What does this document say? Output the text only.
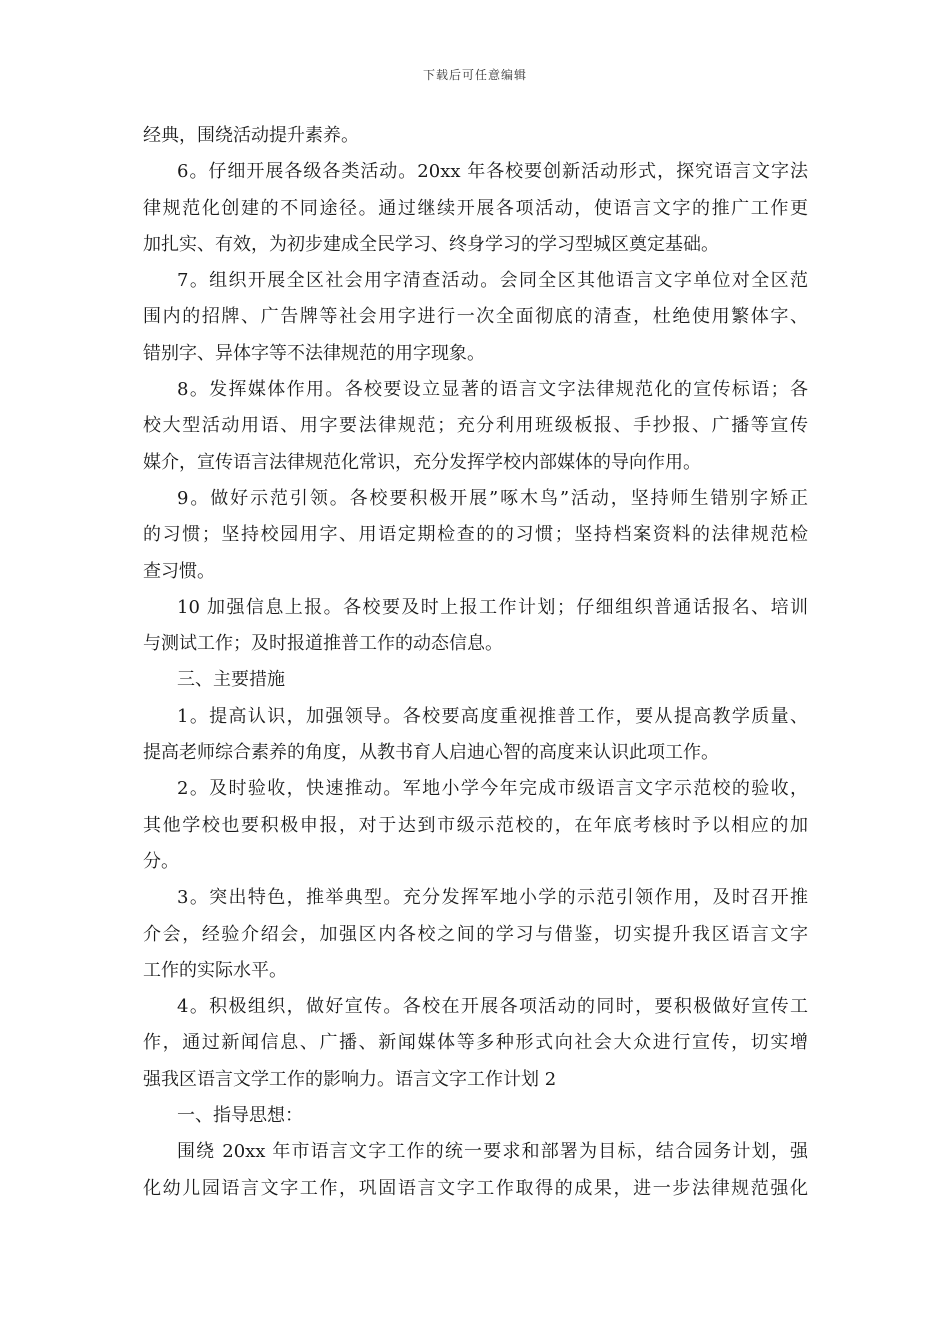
下载后可任意编辑
经典，围绕活动提升素养。
6。仔细开展各级各类活动。20xx 年各校要创新活动形式，探究语言文字法
律规范化创建的不同途径。通过继续开展各项活动，使语言文字的推广工作更
加扎实、有效，为初步建成全民学习、终身学习的学习型城区奠定基础。
7。组织开展全区社会用字清查活动。会同全区其他语言文字单位对全区范
围内的招牌、广告牌等社会用字进行一次全面彻底的清查，杜绝使用繁体字、
错别字、异体字等不法律规范的用字现象。
8。发挥媒体作用。各校要设立显著的语言文字法律规范化的宣传标语；各
校大型活动用语、用字要法律规范；充分利用班级板报、手抄报、广播等宣传
媒介，宣传语言法律规范化常识，充分发挥学校内部媒体的导向作用。
9。做好示范引领。各校要积极开展”啄木鸟”活动，坚持师生错别字矫正
的习惯；坚持校园用字、用语定期检查的的习惯；坚持档案资料的法律规范检
查习惯。
10 加强信息上报。各校要及时上报工作计划；仔细组织普通话报名、培训
与测试工作；及时报道推普工作的动态信息。
三、主要措施
1。提高认识，加强领导。各校要高度重视推普工作，要从提高教学质量、
提高老师综合素养的角度，从教书育人启迪心智的高度来认识此项工作。
2。及时验收，快速推动。军地小学今年完成市级语言文字示范校的验收，
其他学校也要积极申报，对于达到市级示范校的，在年底考核时予以相应的加
分。
3。突出特色，推举典型。充分发挥军地小学的示范引领作用，及时召开推
介会，经验介绍会，加强区内各校之间的学习与借鉴，切实提升我区语言文字
工作的实际水平。
4。积极组织，做好宣传。各校在开展各项活动的同时，要积极做好宣传工
作，通过新闻信息、广播、新闻媒体等多种形式向社会大众进行宣传，切实增
强我区语言文学工作的影响力。语言文字工作计划 2
一、指导思想：
围绕 20xx 年市语言文字工作的统一要求和部署为目标，结合园务计划，强
化幼儿园语言文字工作，巩固语言文字工作取得的成果，进一步法律规范强化
